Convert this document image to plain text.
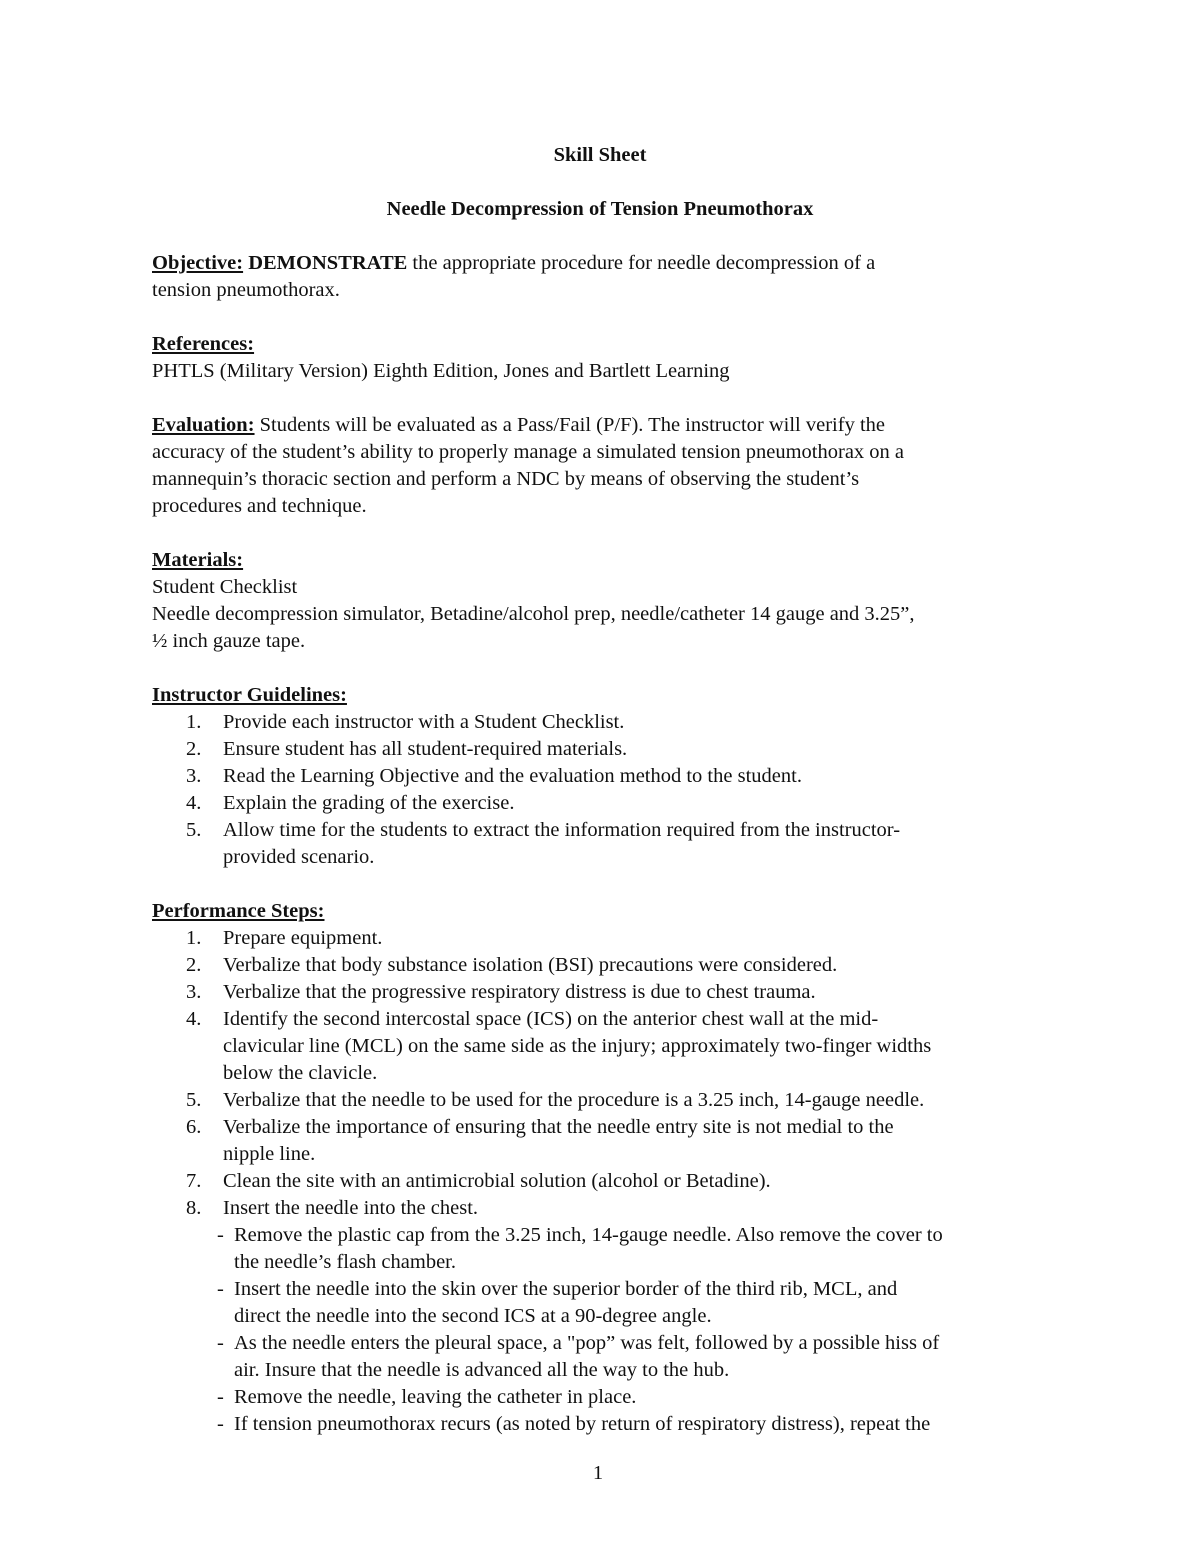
Skill Sheet

Needle Decompression of Tension Pneumothorax

Objective: DEMONSTRATE the appropriate procedure for needle decompression of a

tension pneumothorax.

References:

PHTLS (Military Version) Eighth Edition, Jones and Bartlett Learning

Evaluation: Students will be evaluated as a Pass/Fail (P/F). The instructor will verify the

accuracy of the student’s ability to properly manage a simulated tension pneumothorax on a

mannequin’s thoracic section and perform a NDC by means of observing the student’s

procedures and technique.

Materials:

Student Checklist

Needle decompression simulator, Betadine/alcohol prep, needle/catheter 14 gauge and 3.25”,

½ inch gauze tape.

Instructor Guidelines:

1.	Provide each instructor with a Student Checklist.
2.	Ensure student has all student-required materials.
3.	Read the Learning Objective and the evaluation method to the student.
4.	Explain the grading of the exercise.
5.	Allow time for the students to extract the information required from the instructor-
provided scenario.

Performance Steps:

1.	Prepare equipment.
2.	Verbalize that body substance isolation (BSI) precautions were considered.
3.	Verbalize that the progressive respiratory distress is due to chest trauma.
4.	Identify the second intercostal space (ICS) on the anterior chest wall at the mid-
clavicular line (MCL) on the same side as the injury; approximately two-finger widths
below the clavicle.
5.	Verbalize that the needle to be used for the procedure is a 3.25 inch, 14-gauge needle.
6.	Verbalize the importance of ensuring that the needle entry site is not medial to the
nipple line.
7.	Clean the site with an antimicrobial solution (alcohol or Betadine).
8.	Insert the needle into the chest.
- Remove the plastic cap from the 3.25 inch, 14-gauge needle. Also remove the cover to
the needle’s flash chamber.
- Insert the needle into the skin over the superior border of the third rib, MCL, and
direct the needle into the second ICS at a 90-degree angle.
- As the needle enters the pleural space, a "pop” was felt, followed by a possible hiss of
air. Insure that the needle is advanced all the way to the hub.
- Remove the needle, leaving the catheter in place.
- If tension pneumothorax recurs (as noted by return of respiratory distress), repeat the
1
